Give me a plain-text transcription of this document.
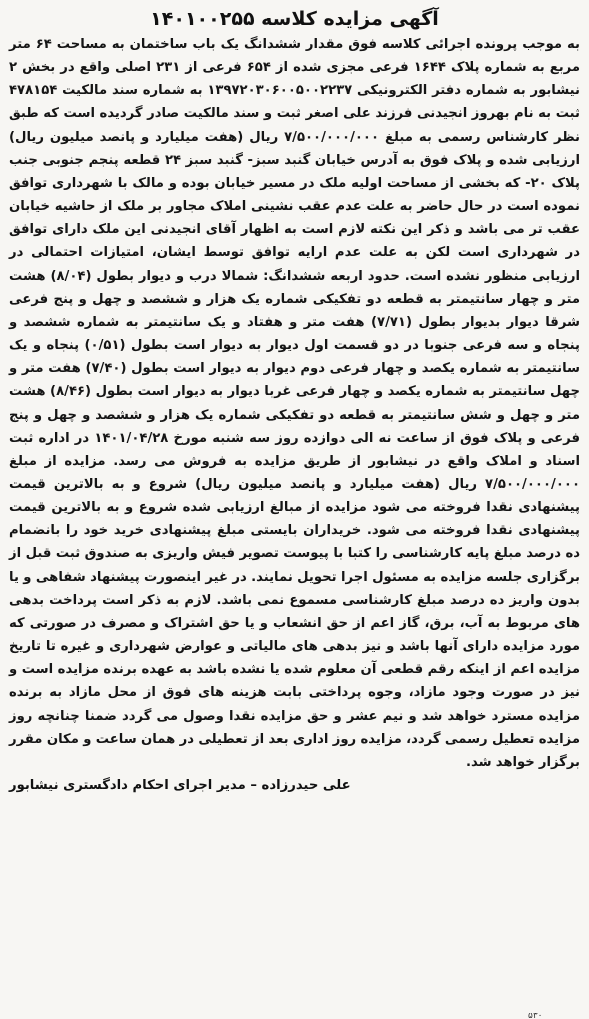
آگهی مزایده کلاسه ۱۴۰۱۰۰۲۵۵

به موجب پرونده اجرائی کلاسه فوق مقدار ششدانگ یک باب ساختمان به مساحت ۶۴ متر مربع به شماره پلاک ۱۶۴۴ فرعی مجزی شده از ۶۵۴ فرعی از ۲۳۱ اصلی واقع در بخش ۲ نیشابور به شماره دفتر الکترونیکی ۱۳۹۷۲۰۳۰۶۰۰۵۰۰۲۲۳۷ به شماره سند مالکیت ۴۷۸۱۵۴ ثبت به نام بهروز انجیدنی فرزند علی اصغر ثبت و سند مالکیت صادر گردیده است که طبق نظر کارشناس رسمی به مبلغ ۷/۵۰۰/۰۰۰/۰۰۰ ریال (هفت میلیارد و پانصد میلیون ریال) ارزیابی شده و پلاک فوق به آدرس خیابان گنبد سبز- گنبد سبز ۲۴ قطعه پنجم جنوبی جنب پلاک ۲۰- که بخشی از مساحت اولیه ملک در مسیر خیابان بوده و مالک با شهرداری توافق نموده است در حال حاضر به علت عدم عقب نشینی املاک مجاور بر ملک از حاشیه خیابان عقب تر می باشد و ذکر این نکته لازم است به اظهار آقای انجیدنی این ملک دارای توافق در شهرداری است لکن به علت عدم ارایه توافق توسط ایشان، امتیازات احتمالی در ارزیابی منظور نشده است. حدود اربعه ششدانگ: شمالا درب و دیوار بطول (۸/۰۴) هشت متر و چهار سانتیمتر به قطعه دو تفکیکی شماره یک هزار و ششصد و چهل و پنج فرعی شرقا دیوار بدیوار بطول (۷/۷۱) هفت متر و هفتاد و یک سانتیمتر به شماره ششصد و پنجاه و سه فرعی جنوبا در دو قسمت اول دیوار به دیوار است بطول (۰/۵۱) پنجاه و یک سانتیمتر به شماره یکصد و چهار فرعی دوم دیوار به دیوار است بطول (۷/۴۰) هفت متر و چهل سانتیمتر به شماره یکصد و چهار فرعی غربا دیوار به دیوار است بطول (۸/۴۶) هشت متر و چهل و شش سانتیمتر به قطعه دو تفکیکی شماره یک هزار و ششصد و چهل و پنج فرعی و پلاک فوق از ساعت نه الی دوازده روز سه شنبه مورخ ۱۴۰۱/۰۴/۲۸ در اداره ثبت اسناد و املاک واقع در نیشابور از طریق مزایده به فروش می رسد. مزایده از مبلغ ۷/۵۰۰/۰۰۰/۰۰۰ ریال (هفت میلیارد و پانصد میلیون ریال) شروع و به بالاترین قیمت پیشنهادی نقدا فروخته می شود مزایده از مبالغ ارزیابی شده شروع و به بالاترین قیمت پیشنهادی نقدا فروخته می شود. خریداران بایستی مبلغ پیشنهادی خرید خود را بانضمام ده درصد مبلغ پایه کارشناسی را کتبا با پیوست تصویر فیش واریزی به صندوق ثبت قبل از برگزاری جلسه مزایده به مسئول اجرا تحویل نمایند. در غیر اینصورت پیشنهاد شفاهی و یا بدون واریز ده درصد مبلغ کارشناسی مسموع نمی باشد. لازم به ذکر است پرداخت بدهی های مربوط به آب، برق، گاز اعم از حق انشعاب و یا حق اشتراک و مصرف در صورتی که مورد مزایده دارای آنها باشد و نیز بدهی های مالیاتی و عوارض شهرداری و غیره تا تاریخ مزایده اعم از اینکه رقم قطعی آن معلوم شده یا نشده باشد به عهده برنده مزایده است و نیز در صورت وجود مازاد، وجوه پرداختی بابت هزینه های فوق از محل مازاد به برنده مزایده مسترد خواهد شد و نیم عشر و حق مزایده نقدا وصول می گردد ضمنا چنانچه روز مزایده تعطیل رسمی گردد، مزایده روز اداری بعد از تعطیلی در همان ساعت و مکان مقرر برگزار خواهد شد.

علی حیدرزاده – مدیر اجرای احکام دادگستری نیشابور
۵۳۰
